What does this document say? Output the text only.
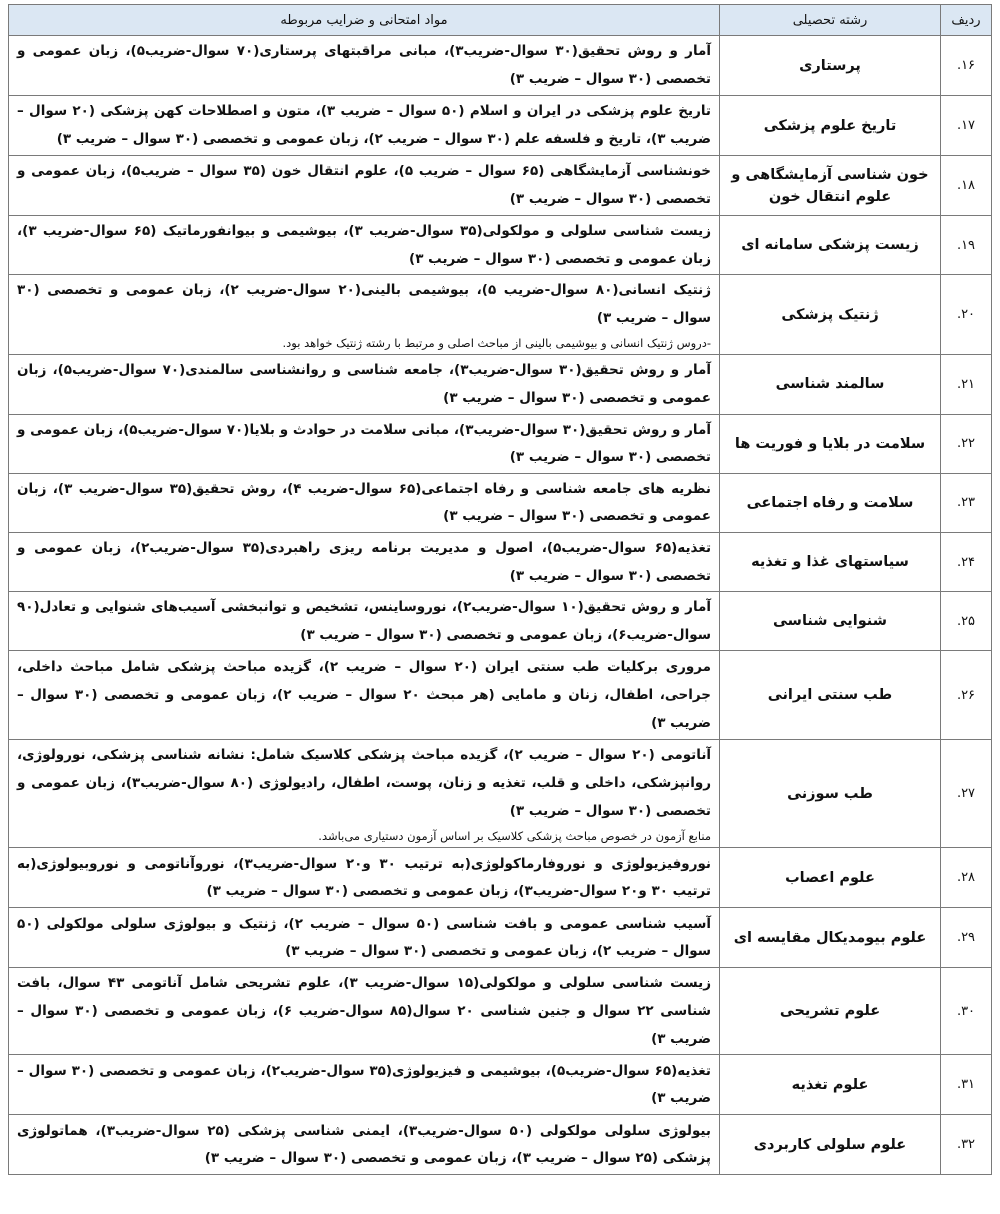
ردیف	رشته تحصیلی	مواد امتحانی و ضرایب مربوطه
۱۶.	پرستاری	آمار و روش تحقیق(۳۰ سوال-ضریب۳)، مبانی مراقبتهای پرستاری(۷۰ سوال-ضریب۵)، زبان عمومی و تخصصی (۳۰ سوال – ضریب ۳)

۱۷.	تاریخ علوم پزشکی	تاریخ علوم پزشکی در ایران و اسلام (۵۰ سوال – ضریب ۳)، متون و اصطلاحات کهن پزشکی (۲۰ سوال – ضریب ۳)، تاریخ و فلسفه علم (۳۰ سوال – ضریب ۲)، زبان عمومی و تخصصی (۳۰ سوال – ضریب ۳)

۱۸.	خون شناسی آزمایشگاهی و علوم انتقال خون	خونشناسی آزمایشگاهی (۶۵ سوال – ضریب ۵)، علوم انتقال خون (۳۵ سوال – ضریب۵)، زبان عمومی و تخصصی (۳۰ سوال – ضریب ۳)

۱۹.	زیست پزشکی سامانه ای	زیست شناسی سلولی و مولکولی(۳۵ سوال-ضریب ۳)، بیوشیمی و بیوانفورماتیک (۶۵ سوال-ضریب ۳)، زبان عمومی و تخصصی (۳۰ سوال – ضریب ۳)

۲۰.	ژنتیک پزشکی	ژنتیک انسانی(۸۰ سوال-ضریب ۵)، بیوشیمی بالینی(۲۰ سوال-ضریب ۲)، زبان عمومی و تخصصی (۳۰ سوال – ضریب ۳)
-دروس ژنتیک انسانی و بیوشیمی بالینی از مباحث اصلی و مرتبط با رشته ژنتیک خواهد بود.

۲۱.	سالمند شناسی	آمار و روش تحقیق(۳۰ سوال-ضریب۳)، جامعه شناسی و روانشناسی سالمندی(۷۰ سوال-ضریب۵)، زبان عمومی و تخصصی (۳۰ سوال – ضریب ۳)

۲۲.	سلامت در بلایا و فوریت ها	آمار و روش تحقیق(۳۰ سوال-ضریب۳)، مبانی سلامت در حوادث و بلایا(۷۰ سوال-ضریب۵)، زبان عمومی و تخصصی (۳۰ سوال – ضریب ۳)

۲۳.	سلامت و رفاه اجتماعی	نظریه های جامعه شناسی و رفاه اجتماعی(۶۵ سوال-ضریب ۴)، روش تحقیق(۳۵ سوال-ضریب ۳)، زبان عمومی و تخصصی (۳۰ سوال – ضریب ۳)

۲۴.	سیاستهای غذا و تغذیه	تغذیه(۶۵ سوال-ضریب۵)، اصول و مدیریت برنامه ریزی راهبردی(۳۵ سوال-ضریب۲)، زبان عمومی و تخصصی (۳۰ سوال – ضریب ۳)

۲۵.	شنوایی شناسی	آمار و روش تحقیق(۱۰ سوال-ضریب۲)، نوروساینس، تشخیص و توانبخشی آسیب‌های شنوایی و تعادل(۹۰ سوال-ضریب۶)، زبان عمومی و تخصصی (۳۰ سوال – ضریب ۳)

۲۶.	طب سنتی ایرانی	مروری برکلیات طب سنتی ایران (۲۰ سوال – ضریب ۲)، گزیده مباحث پزشکی شامل مباحث داخلی، جراحی، اطفال، زنان و مامایی (هر مبحث ۲۰ سوال – ضریب ۲)، زبان عمومی و تخصصی (۳۰ سوال – ضریب ۳)

۲۷.	طب سوزنی	آناتومی (۲۰ سوال – ضریب ۲)، گزیده مباحث پزشکی کلاسیک شامل: نشانه شناسی پزشکی، نورولوژی، روانپزشکی، داخلی و قلب، تغذیه و زنان، پوست، اطفال، رادیولوژی (۸۰ سوال-ضریب۳)، زبان عمومی و تخصصی (۳۰ سوال – ضریب ۳)
منابع آزمون در خصوص مباحث پزشکی کلاسیک بر اساس آزمون دستیاری می‌باشد.

۲۸.	علوم اعصاب	نوروفیزیولوژی و نوروفارماکولوژی(به ترتیب ۳۰ و۲۰ سوال-ضریب۳)، نوروآناتومی و نوروبیولوژی(به ترتیب ۳۰ و۲۰ سوال-ضریب۳)، زبان عمومی و تخصصی (۳۰ سوال – ضریب ۳)

۲۹.	علوم بیومدیکال مقایسه ای	آسیب شناسی عمومی و بافت شناسی (۵۰ سوال – ضریب ۲)، ژنتیک و بیولوژی سلولی مولکولی (۵۰ سوال – ضریب ۲)، زبان عمومی و تخصصی (۳۰ سوال – ضریب ۳)

۳۰.	علوم تشریحی	زیست شناسی سلولی و مولکولی(۱۵ سوال-ضریب ۳)، علوم تشریحی شامل آناتومی ۴۳ سوال، بافت شناسی ۲۲ سوال و جنین شناسی ۲۰ سوال(۸۵ سوال-ضریب ۶)، زبان عمومی و تخصصی (۳۰ سوال – ضریب ۳)

۳۱.	علوم تغذیه	تغذیه(۶۵ سوال-ضریب۵)، بیوشیمی و فیزیولوژی(۳۵ سوال-ضریب۲)، زبان عمومی و تخصصی (۳۰ سوال – ضریب ۳)

۳۲.	علوم سلولی کاربردی	بیولوژی سلولی مولکولی (۵۰ سوال-ضریب۳)، ایمنی شناسی پزشکی (۲۵ سوال-ضریب۳)، هماتولوژی پزشکی (۲۵ سوال – ضریب ۳)، زبان عمومی و تخصصی (۳۰ سوال – ضریب ۳)
